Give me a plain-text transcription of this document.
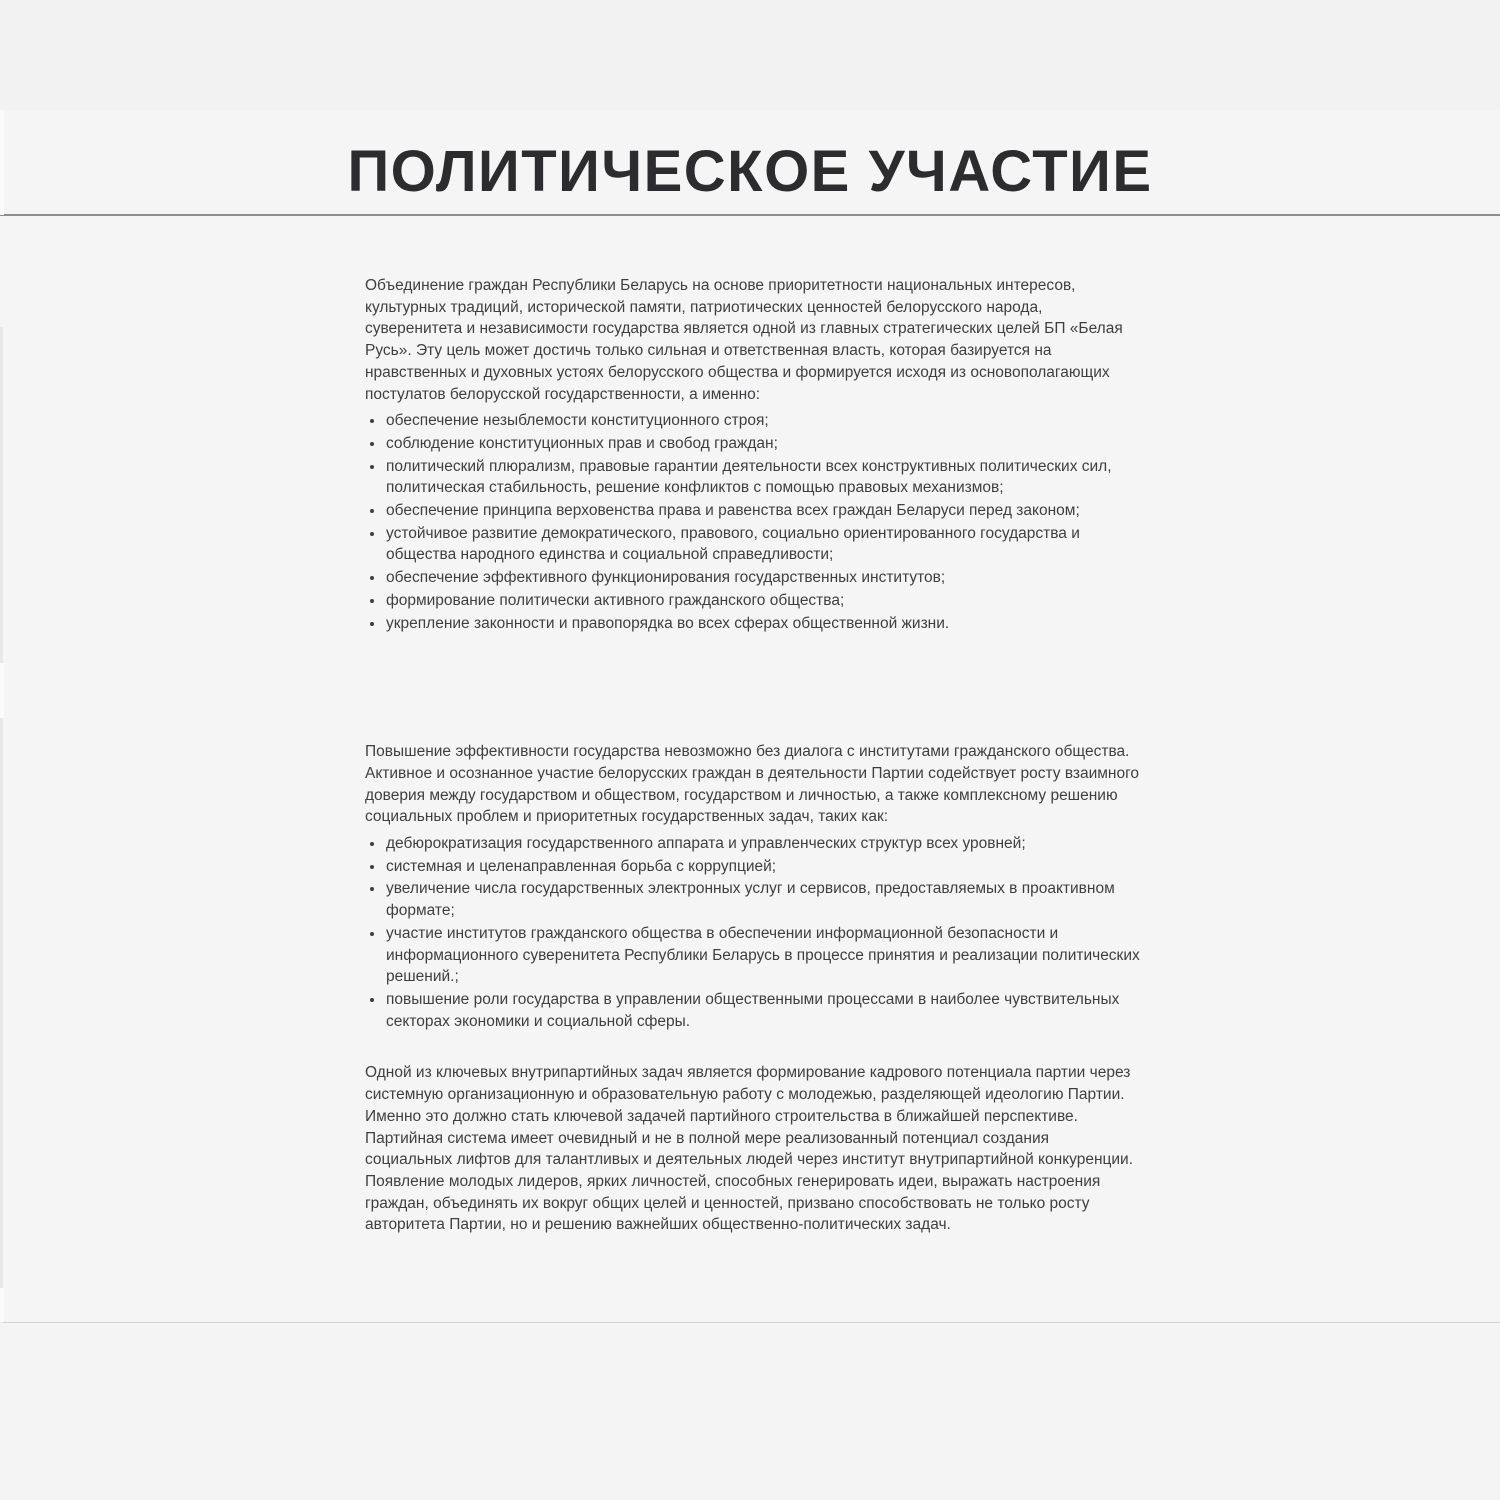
ПОЛИТИЧЕСКОЕ УЧАСТИЕ

Объединение граждан Республики Беларусь на основе приоритетности национальных интересов, культурных традиций, исторической памяти, патриотических ценностей белорусского народа, суверенитета и независимости государства является одной из главных стратегических целей БП «Белая Русь». Эту цель может достичь только сильная и ответственная власть, которая базируется на нравственных и духовных устоях белорусского общества и формируется исходя из основополагающих постулатов белорусской государственности, а именно:

обеспечение незыблемости конституционного строя;
соблюдение конституционных прав и свобод граждан;
политический плюрализм, правовые гарантии деятельности всех конструктивных политических сил, политическая стабильность, решение конфликтов с помощью правовых механизмов;
обеспечение принципа верховенства права и равенства всех граждан Беларуси перед законом;
устойчивое развитие демократического, правового, социально ориентированного государства и общества народного единства и социальной справедливости;
обеспечение эффективного функционирования государственных институтов;
формирование политически активного гражданского общества;
укрепление законности и правопорядка во всех сферах общественной жизни.

Повышение эффективности государства невозможно без диалога с институтами гражданского общества. Активное и осознанное участие белорусских граждан в деятельности Партии содействует росту взаимного доверия между государством и обществом, государством и личностью, а также комплексному решению социальных проблем и приоритетных государственных задач, таких как:

дебюрократизация государственного аппарата и управленческих структур всех уровней;
системная и целенаправленная борьба с коррупцией;
увеличение числа государственных электронных услуг и сервисов, предоставляемых в проактивном формате;
участие институтов гражданского общества в обеспечении информационной безопасности и информационного суверенитета Республики Беларусь в процессе принятия и реализации политических решений.;
повышение роли государства в управлении общественными процессами в наиболее чувствительных секторах экономики и социальной сферы.

Одной из ключевых внутрипартийных задач является формирование кадрового потенциала партии через системную организационную и образовательную работу с молодежью, разделяющей идеологию Партии. Именно это должно стать ключевой задачей партийного строительства в ближайшей перспективе. Партийная система имеет очевидный и не в полной мере реализованный потенциал создания социальных лифтов для талантливых и деятельных людей через институт внутрипартийной конкуренции. Появление молодых лидеров, ярких личностей, способных генерировать идеи, выражать настроения граждан, объединять их вокруг общих целей и ценностей, призвано способствовать не только росту авторитета Партии, но и решению важнейших общественно-политических задач.
